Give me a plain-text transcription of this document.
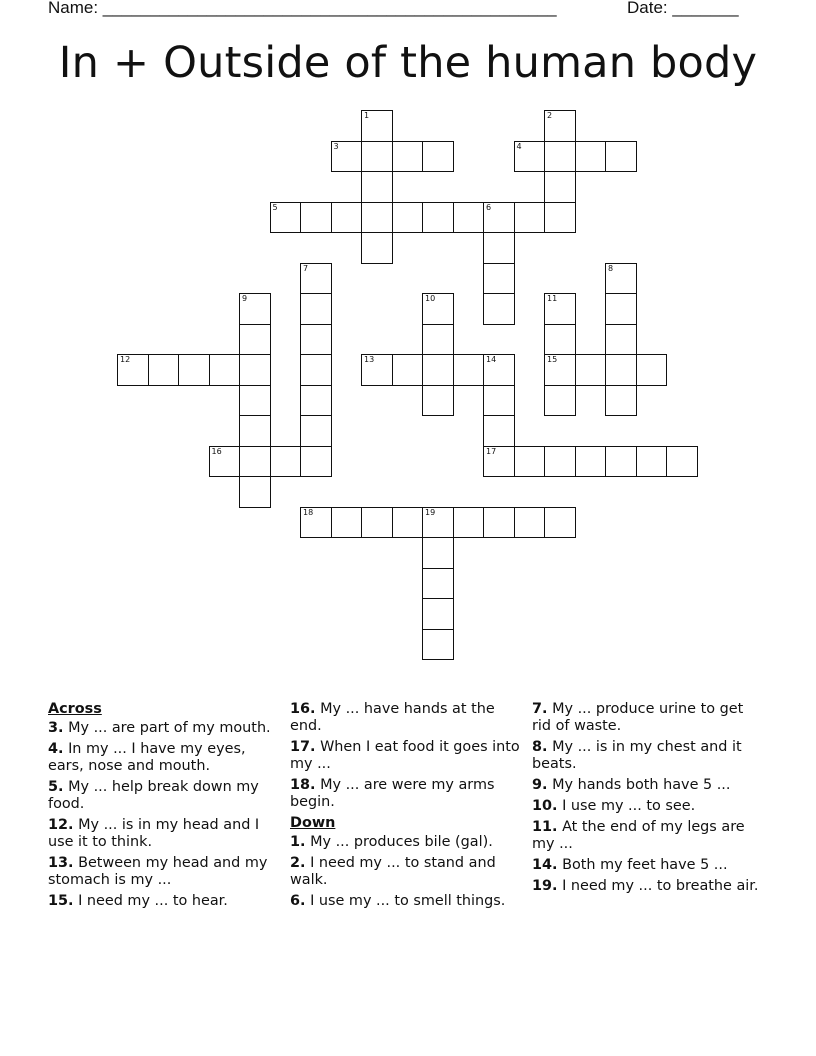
Name: ________________________________________________	Date: _______
In + Outside of the human body
1	2
3	4
5	6
7	8
9	10	11
15
12	13	14
17
16
18	19
Across
3. My ... are part of my mouth.
4. In my ... I have my eyes, ears, nose and mouth.
5. My ... help break down my food.
12. My ... is in my head and I use it to think.
13. Between my head and my stomach is my ...
15. I need my ... to hear.
16. My ... have hands at the end.
17. When I eat food it goes into my ...
18. My ... are were my arms begin.
Down
1. My ... produces bile (gal).
2. I need my ... to stand and walk.
6. I use my ... to smell things.
7. My ... produce urine to get rid of waste.
8. My ... is in my chest and it beats.
9. My hands both have 5 ...
10. I use my ... to see.
11. At the end of my legs are my ...
14. Both my feet have 5 ...
19. I need my ... to breathe air.
